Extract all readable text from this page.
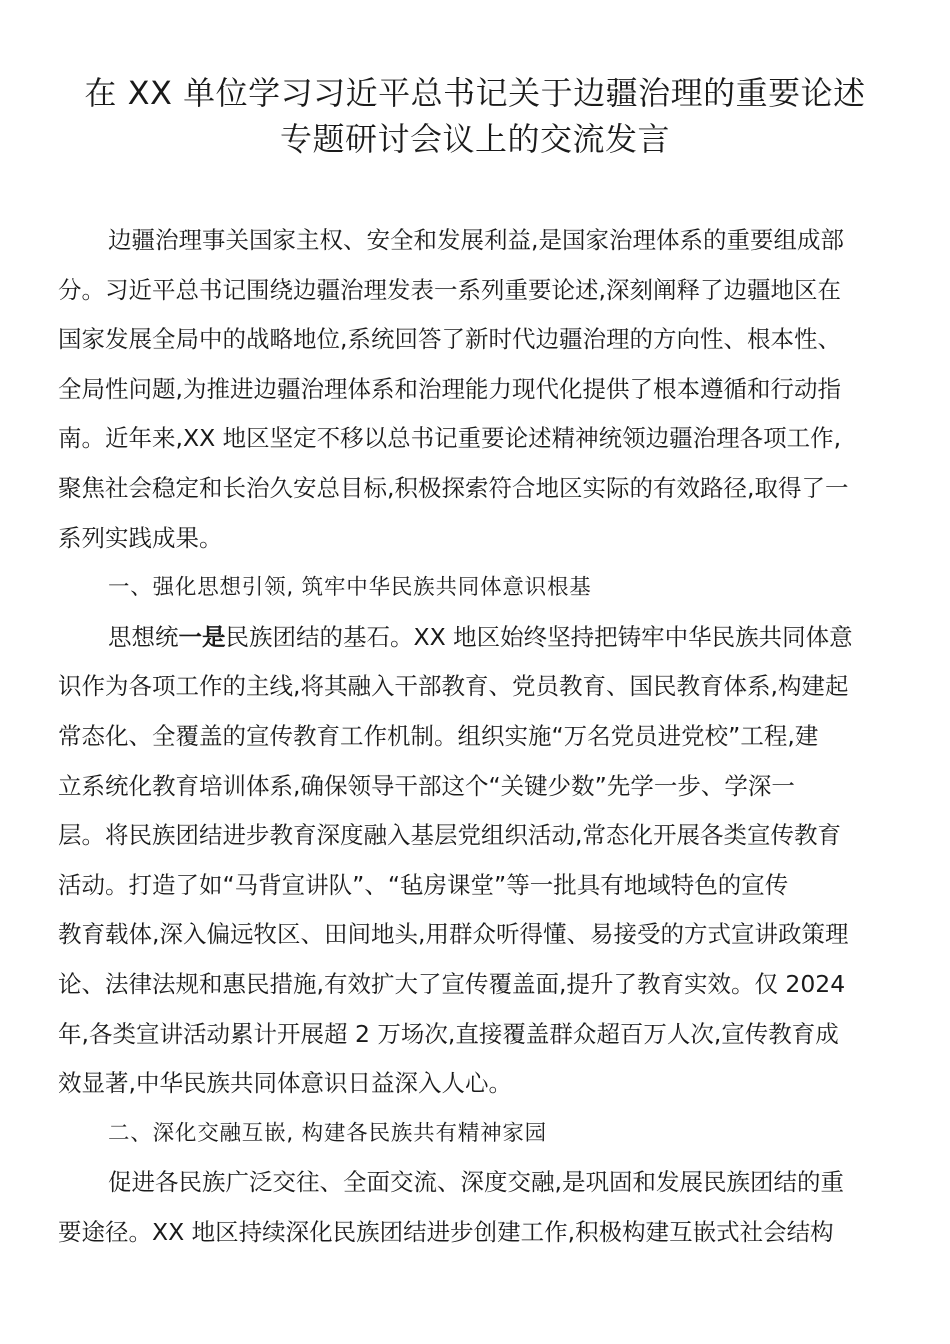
在 XX 单位学习习近平总书记关于边疆治理的重要论述
专题研讨会议上的交流发言
边疆治理事关国家主权、安全和发展利益,是国家治理体系的重要组成部
分。习近平总书记围绕边疆治理发表一系列重要论述,深刻阐释了边疆地区在
国家发展全局中的战略地位,系统回答了新时代边疆治理的方向性、根本性、
全局性问题,为推进边疆治理体系和治理能力现代化提供了根本遵循和行动指
南。近年来,XX 地区坚定不移以总书记重要论述精神统领边疆治理各项工作,
聚焦社会稳定和长治久安总目标,积极探索符合地区实际的有效路径,取得了一
系列实践成果。
一、强化思想引领, 筑牢中华民族共同体意识根基
思想统一是民族团结的基石。XX 地区始终坚持把铸牢中华民族共同体意
识作为各项工作的主线,将其融入干部教育、党员教育、国民教育体系,构建起
常态化、全覆盖的宣传教育工作机制。组织实施“万名党员进党校”工程,建
立系统化教育培训体系,确保领导干部这个“关键少数”先学一步、学深一
层。将民族团结进步教育深度融入基层党组织活动,常态化开展各类宣传教育
活动。打造了如“马背宣讲队”、“毡房课堂”等一批具有地域特色的宣传
教育载体,深入偏远牧区、田间地头,用群众听得懂、易接受的方式宣讲政策理
论、法律法规和惠民措施,有效扩大了宣传覆盖面,提升了教育实效。仅 2024
年,各类宣讲活动累计开展超 2 万场次,直接覆盖群众超百万人次,宣传教育成
效显著,中华民族共同体意识日益深入人心。
二、深化交融互嵌, 构建各民族共有精神家园
促进各民族广泛交往、全面交流、深度交融,是巩固和发展民族团结的重
要途径。XX 地区持续深化民族团结进步创建工作,积极构建互嵌式社会结构
